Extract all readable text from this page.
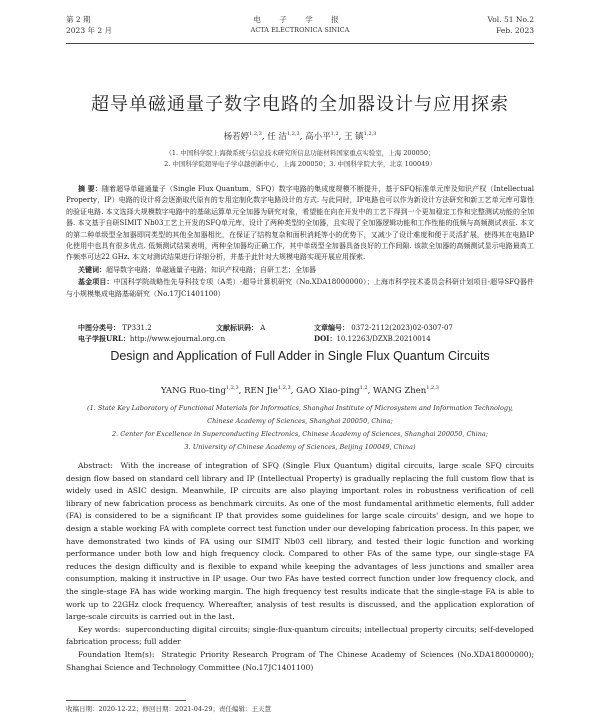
第 2 期
2023 年 2 月
电 子 学 报
ACTA ELECTRONICA SINICA
Vol. 51 No.2
Feb. 2023
超导单磁通量子数字电路的全加器设计与应用探索
杨若婷$^{1,2,3}$, 任 洁$^{1,2,3}$, 高小平$^{1,2}$, 王 镇$^{1,2,3}$
（1. 中国科学院上海微系统与信息技术研究所信息功能材料国家重点实验室，上海 200050；
2. 中国科学院超导电子学卓越创新中心，上海 200050；3. 中国科学院大学，北京 100049）

摘 要：随着超导单磁通量子（Single Flux Quantum，SFQ）数字电路的集成度规模不断提升，基于SFQ标准单元库及知识产权（Intellectual Property，IP）电路的设计将会逐渐取代原有的专用定制化数字电路设计的方式. 与此同时，IP电路也可以作为新设计方法研究和新工艺单元库可靠性的验证电路. 本文选择大规模数字电路中的基础运算单元全加器为研究对象，希望能在向在开发中的工艺下得到一个更加稳定工作和完整测试功能的全加器. 本文基于自研SIMIT Nb03工艺上开发的SFQ单元库，设计了两种类型的全加器，且实现了全加器逻辑功能和工作性能的低频与高频测试表征. 本文的第二种单级型全加器即同类型的其他全加器相比，在保证了结构复杂和面积消耗等小的优势下，又减少了设计难度和便于灵活扩展，使得其在电路IP化使用中也具有很多优点. 低频测试结果表明，两种全加器均正确工作，其中单级型全加器具备良好的工作间隙. 该款全加器的高频测试显示电路最高工作频率可达22 GHz. 本文对测试结果进行详细分析，并基于此针对大规模电路实现开展应用探索.

关键词：超导数字电路；单磁通量子电路；知识产权电路；自研工艺；全加器

基金项目：中国科学院战略性先导科技专项（A类）-超导计算机研究（No.XDA18000000）；上海市科学技术委员会科研计划项目-超导SFQ器件与小规模集成电路基础研究（No.17JC1401100）

中图分类号： TP331.2	文献标识码： A	文章编号： 0372-2112(2023)02-0307-07
电子学报URL：http://www.ejournal.org.cn	DOI：10.12263/DZXB.20210014
Design and Application of Full Adder in Single Flux Quantum Circuits
YANG Ruo-ting$^{1,2,3}$, REN Jie$^{1,2,3}$, GAO Xiao-ping$^{1,2}$, WANG Zhen$^{1,2,3}$
(1. State Key Laboratory of Functional Materials for Informatics, Shanghai Institute of Microsystem and Information Technology,
Chinese Academy of Sciences, Shanghai 200050, China;
2. Center for Excellence in Superconducting Electronics, Chinese Academy of Sciences, Shanghai 200050, China;
3. University of Chinese Academy of Sciences, Beijing 100049, China)

Abstract: With the increase of integration of SFQ (Single Flux Quantum) digital circuits, large scale SFQ circuits design flow based on standard cell library and IP (Intellectual Property) is gradually replacing the full custom flow that is widely used in ASIC design. Meanwhile, IP circuits are also playing important roles in robustness verification of cell library of new fabrication process as benchmark circuits. As one of the most fundamental arithmetic elements, full adder (FA) is considered to be a significant IP that provides some guidelines for large scale circuits' design, and we hope to design a stable working FA with complete correct test function under our developing fabrication process. In this paper, we have demonstrated two kinds of FA using our SIMIT Nb03 cell library, and tested their logic function and working performance under both low and high frequency clock. Compared to other FAs of the same type, our single-stage FA reduces the design difficulty and is flexible to expand while keeping the advantages of less junctions and smaller area consumption, making it instructive in IP usage. Our two FAs have tested correct function under low frequency clock, and the single-stage FA has wide working margin. The high frequency test results indicate that the single-stage FA is able to work up to 22GHz clock frequency. Whereafter, analysis of test results is discussed, and the application exploration of large-scale circuits is carried out in the last.

Key words: superconducting digital circuits; single-flux-quantum circuits; intellectual property circuits; self-developed fabrication process; full adder

Foundation Item(s): Strategic Priority Research Program of The Chinese Academy of Sciences (No.XDA18000000); Shanghai Science and Technology Committee (No.17JC1401100)

收稿日期：2020-12-22；修回日期：2021-04-29；责任编辑：王天慧
